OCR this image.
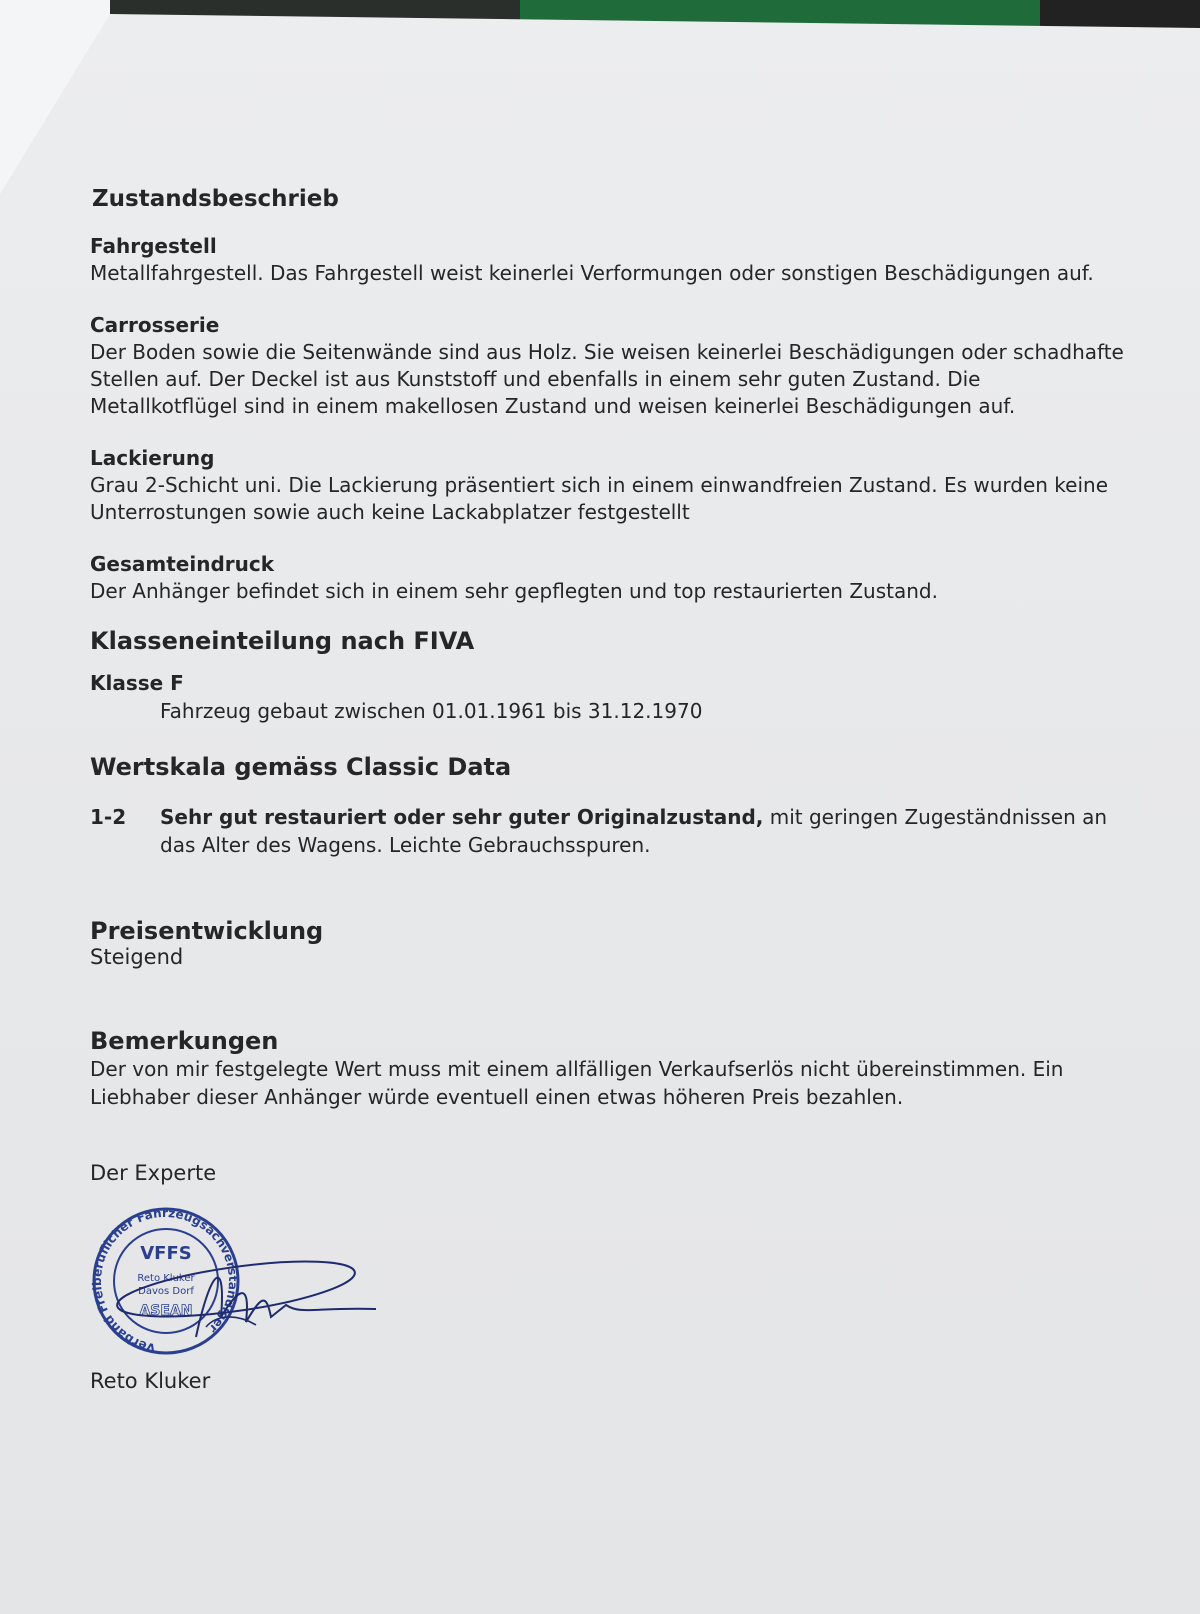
Zustandsbeschrieb
Fahrgestell

Metallfahrgestell. Das Fahrgestell weist keinerlei Verformungen oder sonstigen Beschädigungen auf.

Carrosserie

Der Boden sowie die Seitenwände sind aus Holz. Sie weisen keinerlei Beschädigungen oder schadhafte Stellen auf. Der Deckel ist aus Kunststoff und ebenfalls in einem sehr guten Zustand. Die Metallkotflügel sind in einem makellosen Zustand und weisen keinerlei Beschädigungen auf.

Lackierung

Grau 2-Schicht uni. Die Lackierung präsentiert sich in einem einwandfreien Zustand. Es wurden keine Unterrostungen sowie auch keine Lackabplatzer festgestellt

Gesamteindruck

Der Anhänger befindet sich in einem sehr gepflegten und top restaurierten Zustand.

Klasseneinteilung nach FIVA
Klasse F

Fahrzeug gebaut zwischen 01.01.1961 bis 31.12.1970

Wertskala gemäss Classic Data
1-2	Sehr gut restauriert oder sehr guter Originalzustand, mit geringen Zugeständnissen an das Alter des Wagens. Leichte Gebrauchsspuren.
Preisentwicklung

Steigend

Bemerkungen

Der von mir festgelegte Wert muss mit einem allfälligen Verkaufserlös nicht übereinstimmen. Ein Liebhaber dieser Anhänger würde eventuell einen etwas höheren Preis bezahlen.

Der Experte

Verband Freiberuflicher Fahrzeugsachverständiger
VFFS
Reto Kluker
Davos Dorf
ASEAN

Reto Kluker
